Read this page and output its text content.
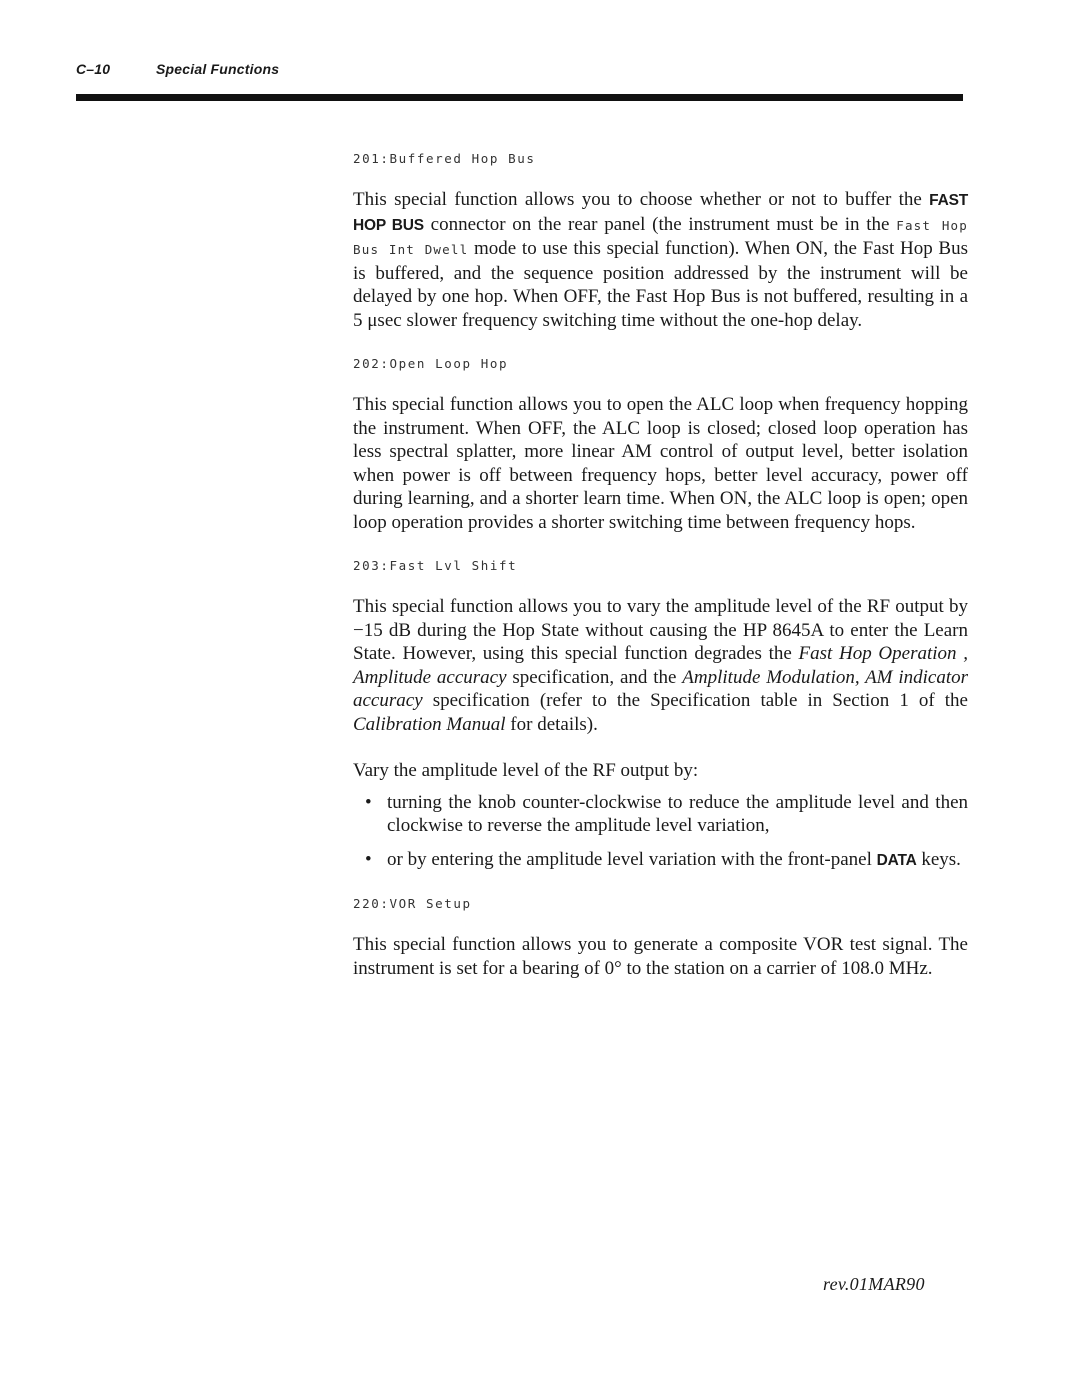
C–10	Special Functions
201:Buffered Hop Bus

This special function allows you to choose whether or not to buffer the FAST HOP BUS connector on the rear panel (the instrument must be in the Fast Hop Bus Int Dwell mode to use this special function). When ON, the Fast Hop Bus is buffered, and the sequence position addressed by the instrument will be delayed by one hop. When OFF, the Fast Hop Bus is not buffered, resulting in a 5 μsec slower frequency switching time without the one-hop delay.

202:Open Loop Hop

This special function allows you to open the ALC loop when frequency hopping the instrument. When OFF, the ALC loop is closed; closed loop operation has less spectral splatter, more linear AM control of output level, better isolation when power is off between frequency hops, better level accuracy, power off during learning, and a shorter learn time. When ON, the ALC loop is open; open loop operation provides a shorter switching time between frequency hops.

203:Fast Lvl Shift

This special function allows you to vary the amplitude level of the RF output by −15 dB during the Hop State without causing the HP 8645A to enter the Learn State. However, using this special function degrades the Fast Hop Operation , Amplitude accuracy specification, and the Amplitude Modulation, AM indicator accuracy specification (refer to the Specification table in Section 1 of the Calibration Manual for details).

Vary the amplitude level of the RF output by:

• turning the knob counter-clockwise to reduce the amplitude level and then clockwise to reverse the amplitude level variation,
• or by entering the amplitude level variation with the front-panel DATA keys.
220:VOR Setup

This special function allows you to generate a composite VOR test signal. The instrument is set for a bearing of 0° to the station on a carrier of 108.0 MHz.

rev.01MAR90
